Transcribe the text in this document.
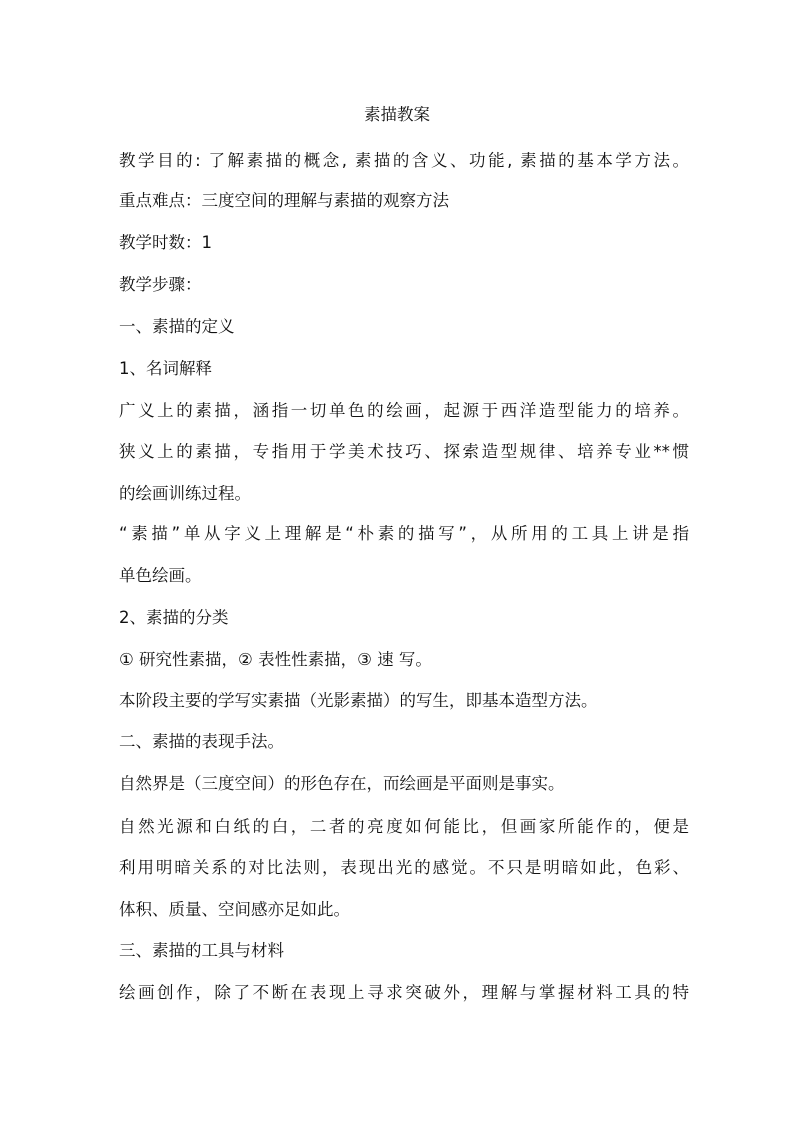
素描教案
教学目的: 了解素描的概念, 素描的含义、功能, 素描的基本学方法。
重点难点：三度空间的理解与素描的观察方法
教学时数：1
教学步骤：
一、素描的定义
1、名词解释
广义上的素描，涵指一切单色的绘画，起源于西洋造型能力的培养。
狭义上的素描，专指用于学美术技巧、探索造型规律、培养专业**惯
的绘画训练过程。
“素描”单从字义上理解是“朴素的描写”，从所用的工具上讲是指
单色绘画。
2、素描的分类
① 研究性素描，② 表性性素描，③ 速 写。
本阶段主要的学写实素描（光影素描）的写生，即基本造型方法。
二、素描的表现手法。
自然界是（三度空间）的形色存在，而绘画是平面则是事实。
自然光源和白纸的白，二者的亮度如何能比，但画家所能作的，便是
利用明暗关系的对比法则，表现出光的感觉。不只是明暗如此，色彩、
体积、质量、空间感亦足如此。
三、素描的工具与材料
绘画创作，除了不断在表现上寻求突破外，理解与掌握材料工具的特
